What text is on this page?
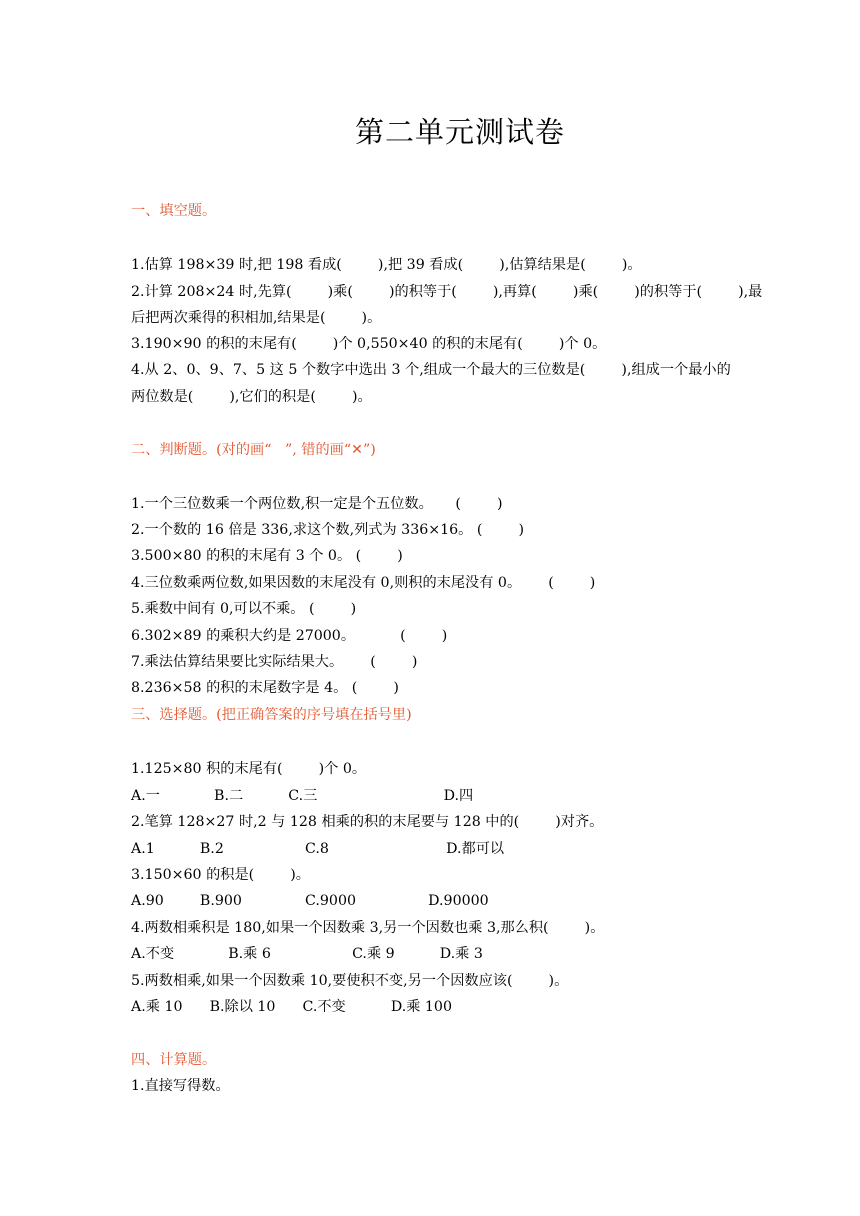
第二单元测试卷
一、填空题。
1.估算 198×39 时,把 198 看成(        ),把 39 看成(        ),估算结果是(        )。
2.计算 208×24 时,先算(        )乘(        )的积等于(        ),再算(        )乘(        )的积等于(        ),最
后把两次乘得的积相加,结果是(        )。
3.190×90 的积的末尾有(        )个 0,550×40 的积的末尾有(        )个 0。
4.从 2、0、9、7、5 这 5 个数字中选出 3 个,组成一个最大的三位数是(        ),组成一个最小的
两位数是(        ),它们的积是(        )。
二、判断题。(对的画“   ”, 错的画“✕”)
1.一个三位数乘一个两位数,积一定是个五位数。     (        )
2.一个数的 16 倍是 336,求这个数,列式为 336×16。 (        )
3.500×80 的积的末尾有 3 个 0。 (        )
4.三位数乘两位数,如果因数的末尾没有 0,则积的末尾没有 0。      (        )
5.乘数中间有 0,可以不乘。 (        )
6.302×89 的乘积大约是 27000。          (        )
7.乘法估算结果要比实际结果大。      (        )
8.236×58 的积的末尾数字是 4。 (        )
三、选择题。(把正确答案的序号填在括号里)
1.125×80 积的末尾有(        )个 0。
A.一            B.二          C.三                            D.四
2.笔算 128×27 时,2 与 128 相乘的积的末尾要与 128 中的(        )对齐。
A.1          B.2                  C.8                          D.都可以
3.150×60 的积是(        )。
A.90        B.900              C.9000                D.90000
4.两数相乘积是 180,如果一个因数乘 3,另一个因数也乘 3,那么积(        )。
A.不变            B.乘 6                  C.乘 9          D.乘 3
5.两数相乘,如果一个因数乘 10,要使积不变,另一个因数应该(        )。
A.乘 10      B.除以 10      C.不变          D.乘 100
四、计算题。
1.直接写得数。
